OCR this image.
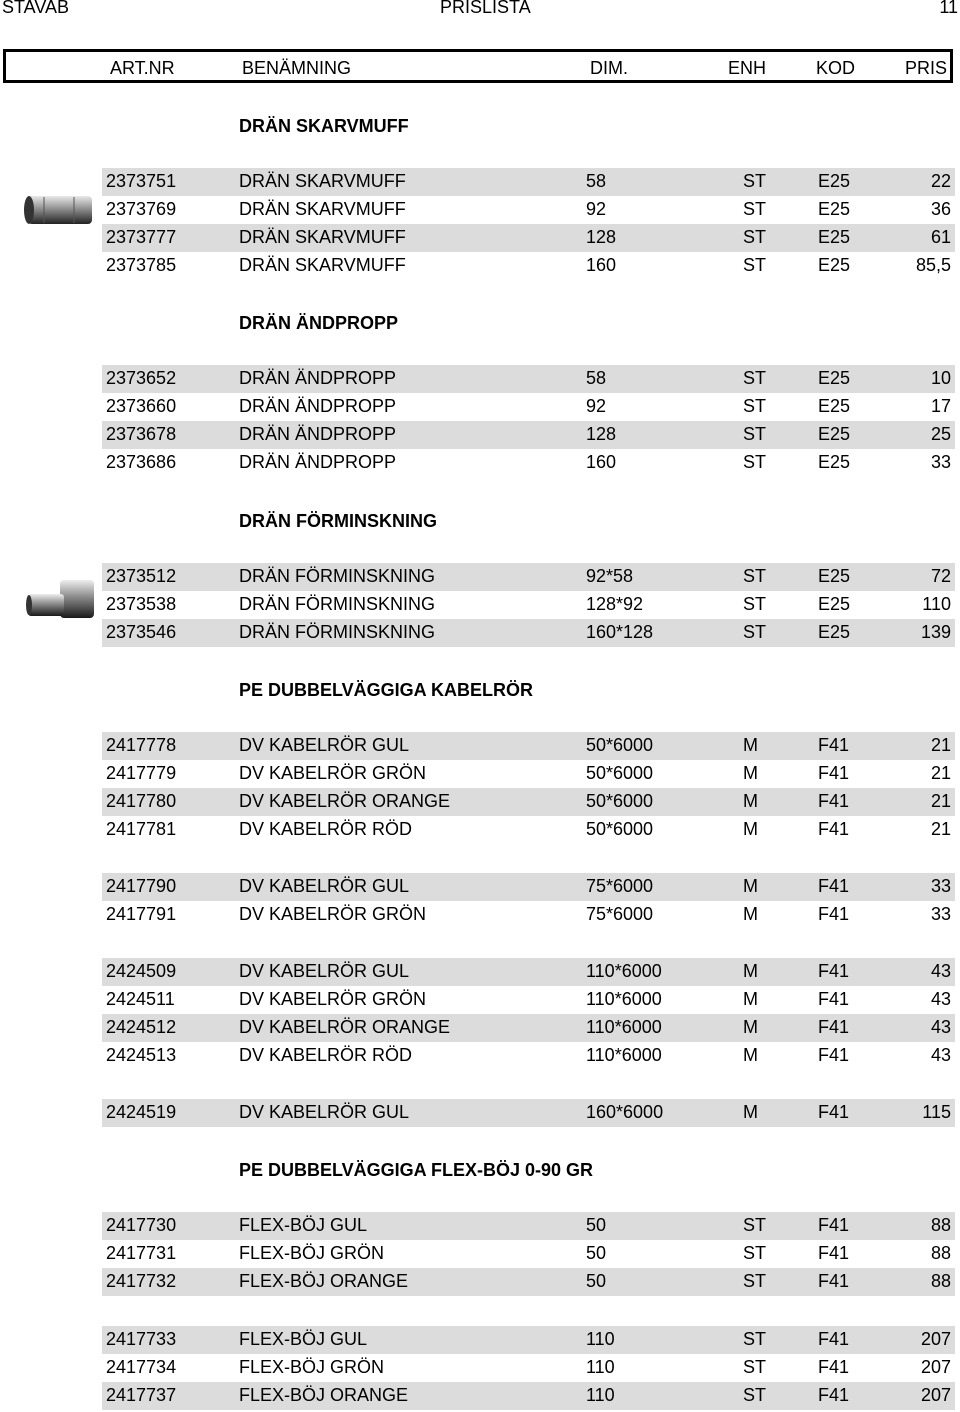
STAVAB	PRISLISTA	11
ART.NR	BENÄMNING	DIM.	ENH	KOD	PRIS
DRÄN SKARVMUFF
DRÄN ÄNDPROPP
DRÄN FÖRMINSKNING
PE DUBBELVÄGGIGA KABELRÖR
PE DUBBELVÄGGIGA FLEX-BÖJ 0-90 GR
2373751	DRÄN SKARVMUFF	58	ST	E25	22
2373769	DRÄN SKARVMUFF	92	ST	E25	36
2373777	DRÄN SKARVMUFF	128	ST	E25	61
2373785	DRÄN SKARVMUFF	160	ST	E25	85,5
2373652	DRÄN ÄNDPROPP	58	ST	E25	10
2373660	DRÄN ÄNDPROPP	92	ST	E25	17
2373678	DRÄN ÄNDPROPP	128	ST	E25	25
2373686	DRÄN ÄNDPROPP	160	ST	E25	33
2373512	DRÄN FÖRMINSKNING	92*58	ST	E25	72
2373538	DRÄN FÖRMINSKNING	128*92	ST	E25	110
2373546	DRÄN FÖRMINSKNING	160*128	ST	E25	139
2417778	DV KABELRÖR GUL	50*6000	M	F41	21
2417779	DV KABELRÖR GRÖN	50*6000	M	F41	21
2417780	DV KABELRÖR ORANGE	50*6000	M	F41	21
2417781	DV KABELRÖR RÖD	50*6000	M	F41	21
2417790	DV KABELRÖR GUL	75*6000	M	F41	33
2417791	DV KABELRÖR GRÖN	75*6000	M	F41	33
2424509	DV KABELRÖR GUL	110*6000	M	F41	43
2424511	DV KABELRÖR GRÖN	110*6000	M	F41	43
2424512	DV KABELRÖR ORANGE	110*6000	M	F41	43
2424513	DV KABELRÖR RÖD	110*6000	M	F41	43
2424519	DV KABELRÖR GUL	160*6000	M	F41	115
2417730	FLEX-BÖJ GUL	50	ST	F41	88
2417731	FLEX-BÖJ GRÖN	50	ST	F41	88
2417732	FLEX-BÖJ ORANGE	50	ST	F41	88
2417733	FLEX-BÖJ GUL	110	ST	F41	207
2417734	FLEX-BÖJ GRÖN	110	ST	F41	207
2417737	FLEX-BÖJ ORANGE	110	ST	F41	207
